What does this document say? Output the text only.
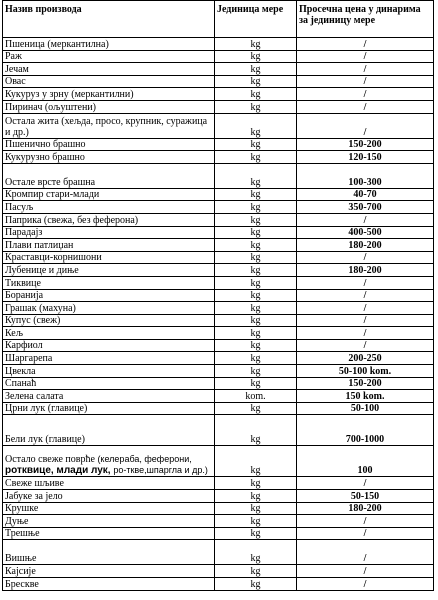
Назив производа	Јединица мере	Просечна цена у динарима за јединицу мере
Пшеница (меркантилна)	kg	/
Раж	kg	/
Јечам	kg	/
Овас	kg	/
Кукуруз у зрну (меркантилни)	kg	/
Пиринач (ољуштени)	kg	/
Остала жита (хељда, просо, крупник, суражица и др.)	kg	/
Пшенично брашно	kg	150-200
Кукурузно брашно	kg	120-150
Остале врсте брашна	kg	100-300
Кромпир стари-млади	kg	40-70
Пасуљ	kg	350-700
Паприка (свежа, без феферона)	kg	/
Парадајз	kg	400-500
Плави патлиџан	kg	180-200
Краставци-корнишони	kg	/
Лубенице и диње	kg	180-200
Тиквице	kg	/
Боранија	kg	/
Грашак (махуна)	kg	/
Купус (свеж)	kg	/
Кељ	kg	/
Карфиол	kg	/
Шаргарепа	kg	200-250
Цвекла	kg	50-100 kom.
Спанаћ	kg	150-200
Зелена салата	kom.	150 kom.
Црни лук (главице)	kg	50-100
Бели лук (главице)	kg	700-1000
Остало свеже поврће (келераба, феферони, ротквице, млади лук, ро-ткве,шпаргла и др.)	kg	100
Свеже шљиве	kg	/
Јабуке за јело	kg	50-150
Крушке	kg	180-200
Дуње	kg	/
Трешње	kg	/
Вишње	kg	/
Кајсије	kg	/
Брескве	kg	/
